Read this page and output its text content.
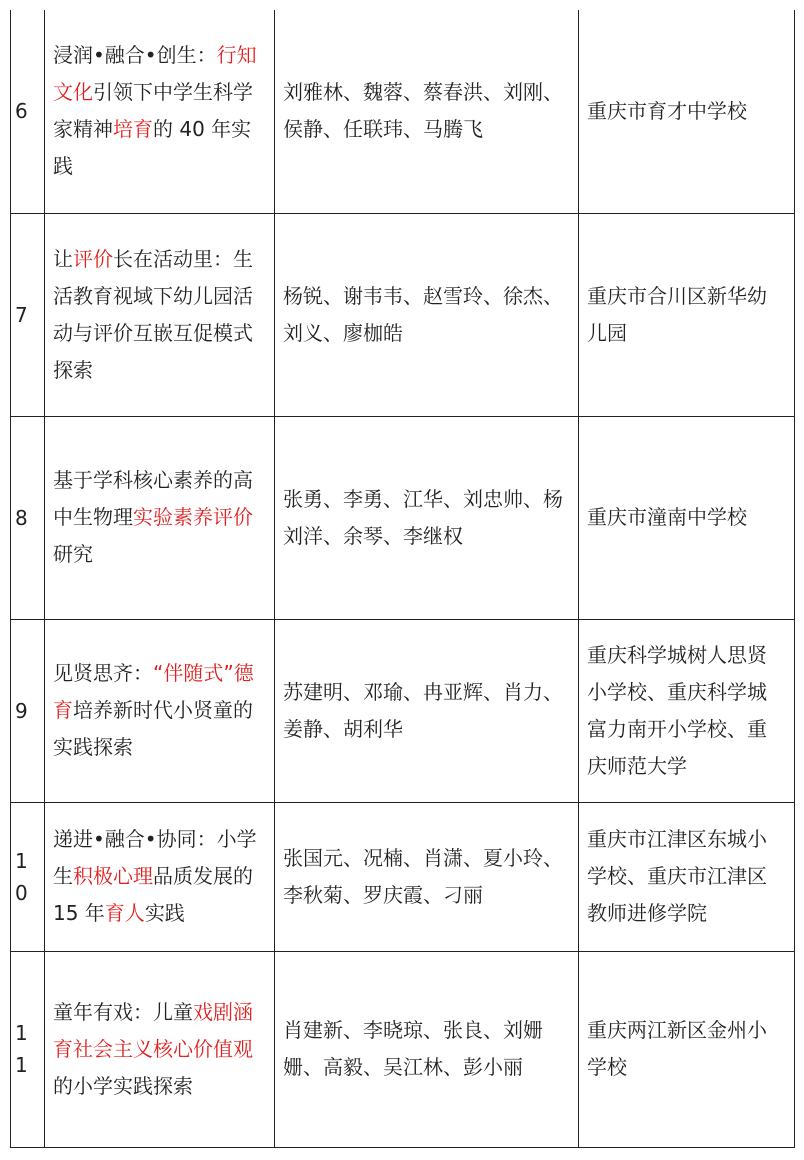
6	浸润•融合•创生：行知文化引领下中学生科学家精神培育的 40 年实践	刘雅林、魏蓉、蔡春洪、刘刚、侯静、任联玮、马腾飞	重庆市育才中学校

7	让评价长在活动里：生活教育视域下幼儿园活动与评价互嵌互促模式探索	杨锐、谢韦韦、赵雪玲、徐杰、刘义、廖枷皓	重庆市合川区新华幼儿园

8	基于学科核心素养的高中生物理实验素养评价研究	张勇、李勇、江华、刘忠帅、杨刘洋、余琴、李继权	重庆市潼南中学校

9	见贤思齐：“伴随式”德育培养新时代小贤童的实践探索	苏建明、邓瑜、冉亚辉、肖力、姜静、胡利华	重庆科学城树人思贤小学校、重庆科学城富力南开小学校、重庆师范大学

10	递进•融合•协同：小学生积极心理品质发展的 15 年育人实践	张国元、况楠、肖潇、夏小玲、李秋菊、罗庆霞、刁丽	重庆市江津区东城小学校、重庆市江津区教师进修学院

11	童年有戏：儿童戏剧涵育社会主义核心价值观的小学实践探索	肖建新、李晓琼、张良、刘姗姗、高毅、吴江林、彭小丽	重庆两江新区金州小学校
